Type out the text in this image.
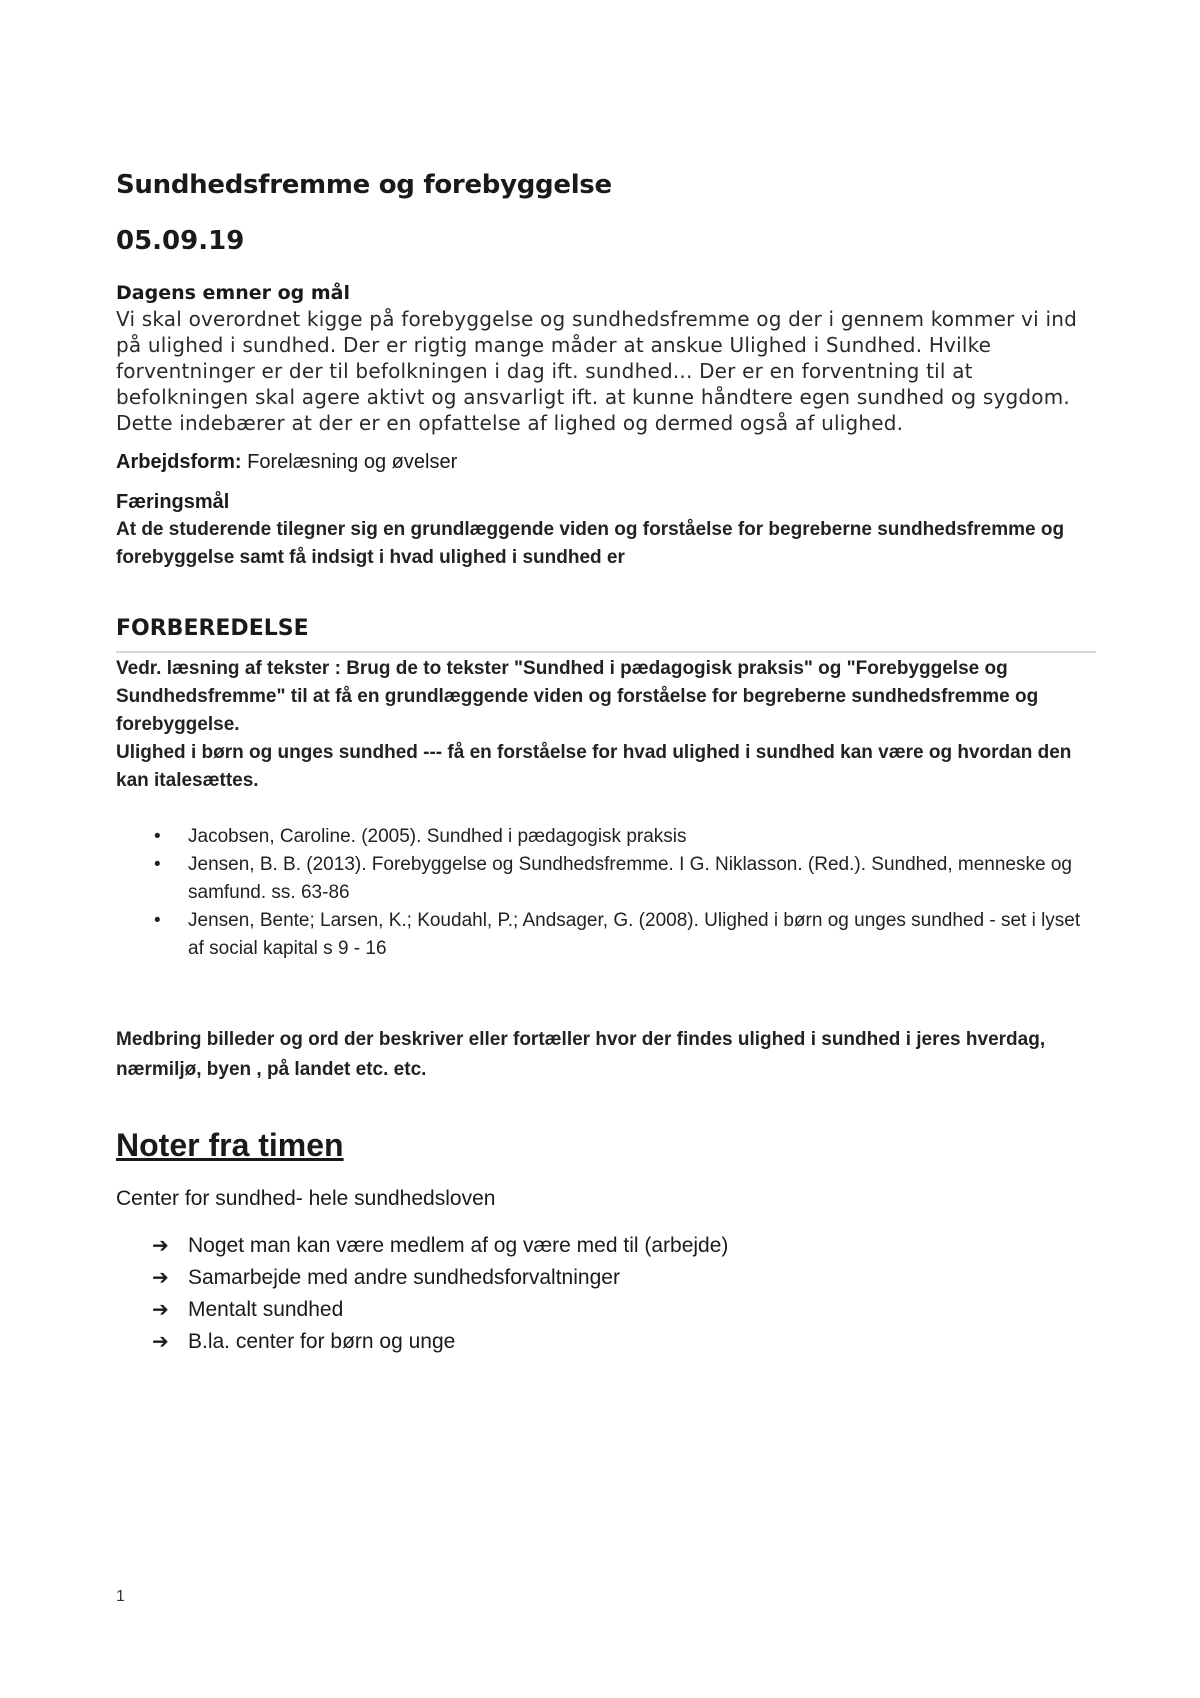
Sundhedsfremme og forebyggelse
05.09.19

Dagens emner og mål

Vi skal overordnet kigge på forebyggelse og sundhedsfremme og der i gennem kommer vi ind på ulighed i sundhed. Der er rigtig mange måder at anskue Ulighed i Sundhed. Hvilke forventninger er der til befolkningen i dag ift. sundhed... Der er en forventning til at befolkningen skal agere aktivt og ansvarligt ift. at kunne håndtere egen sundhed og sygdom. Dette indebærer at der er en opfattelse af lighed og dermed også af ulighed.

Arbejdsform: Forelæsning og øvelser

Færingsmål

At de studerende tilegner sig en grundlæggende viden og forståelse for begreberne sundhedsfremme og forebyggelse samt få indsigt i hvad ulighed i sundhed er

FORBEREDELSE

Vedr. læsning af tekster : Brug de to tekster "Sundhed i pædagogisk praksis" og "Forebyggelse og Sundhedsfremme" til at få en grundlæggende viden og forståelse for begreberne sundhedsfremme og forebyggelse.

Ulighed i børn og unges sundhed --- få en forståelse for hvad ulighed i sundhed kan være og hvordan den kan italesættes.

• Jacobsen, Caroline. (2005). Sundhed i pædagogisk praksis
• Jensen, B. B. (2013). Forebyggelse og Sundhedsfremme. I G. Niklasson. (Red.). Sundhed, menneske og samfund. ss. 63-86
• Jensen, Bente; Larsen, K.; Koudahl, P.; Andsager, G. (2008). Ulighed i børn og unges sundhed - set i lyset af social kapital s 9 - 16

Medbring billeder og ord der beskriver eller fortæller hvor der findes ulighed i sundhed i jeres hverdag, nærmiljø, byen , på landet etc. etc.

Noter fra timen

Center for sundhed- hele sundhedsloven

➔ Noget man kan være medlem af og være med til (arbejde)
➔ Samarbejde med andre sundhedsforvaltninger
➔ Mentalt sundhed
➔ B.la. center for børn og unge
1
